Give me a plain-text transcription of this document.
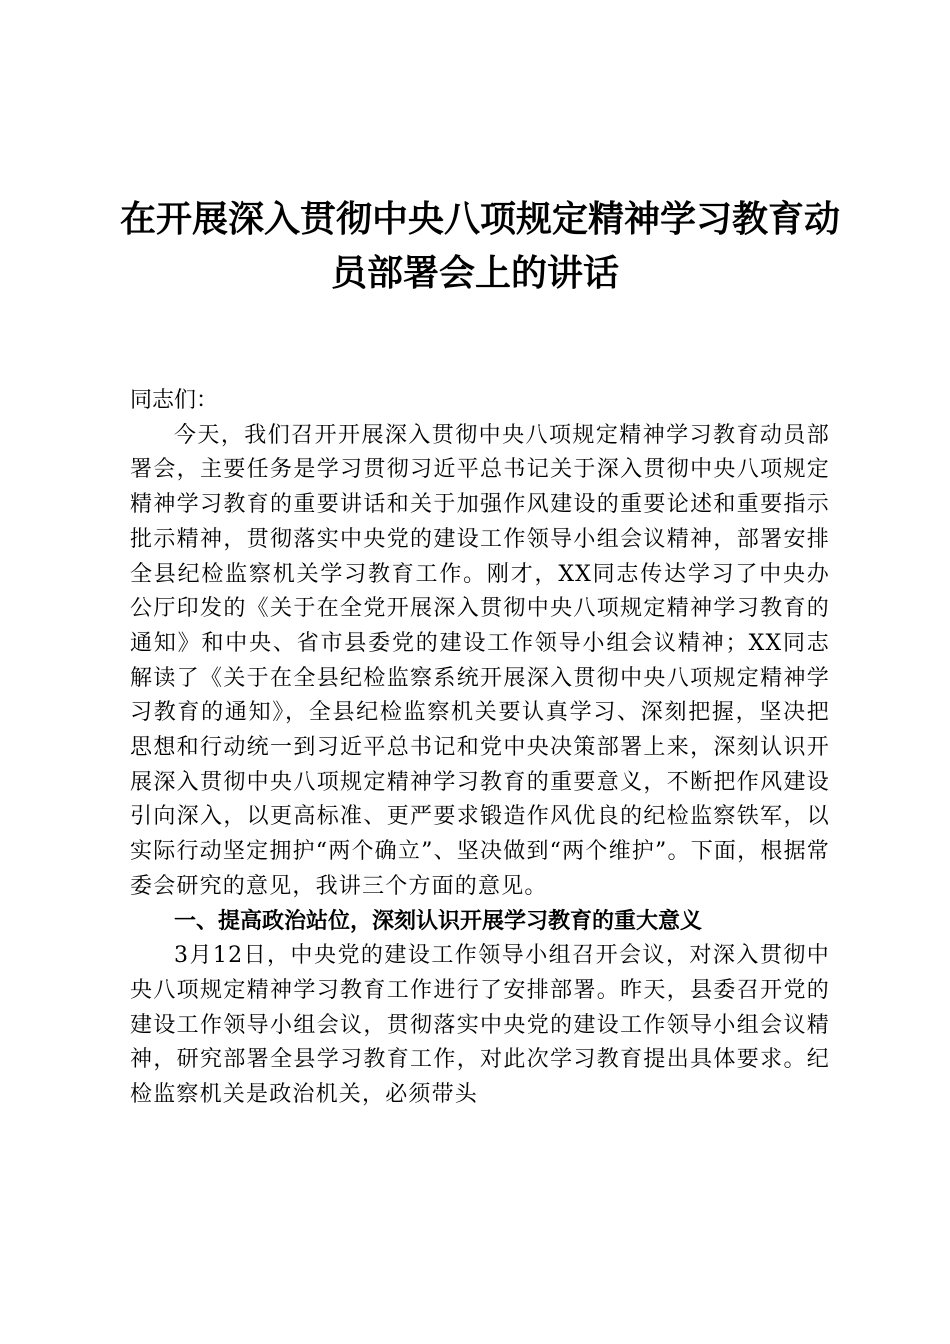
在开展深入贯彻中央八项规定精神学习教育动
员部署会上的讲话

同志们：

今天，我们召开开展深入贯彻中央八项规定精神学习教育动员部署会，主要任务是学习贯彻习近平总书记关于深入贯彻中央八项规定精神学习教育的重要讲话和关于加强作风建设的重要论述和重要指示批示精神，贯彻落实中央党的建设工作领导小组会议精神，部署安排全县纪检监察机关学习教育工作。刚才，XX同志传达学习了中央办公厅印发的《关于在全党开展深入贯彻中央八项规定精神学习教育的通知》和中央、省市县委党的建设工作领导小组会议精神；XX同志解读了《关于在全县纪检监察系统开展深入贯彻中央八项规定精神学习教育的通知》，全县纪检监察机关要认真学习、深刻把握，坚决把思想和行动统一到习近平总书记和党中央决策部署上来，深刻认识开展深入贯彻中央八项规定精神学习教育的重要意义，不断把作风建设引向深入，以更高标准、更严要求锻造作风优良的纪检监察铁军，以实际行动坚定拥护“两个确立”、坚决做到“两个维护”。下面，根据常委会研究的意见，我讲三个方面的意见。

一、提高政治站位，深刻认识开展学习教育的重大意义

3月12日，中央党的建设工作领导小组召开会议，对深入贯彻中央八项规定精神学习教育工作进行了安排部署。昨天，县委召开党的建设工作领导小组会议，贯彻落实中央党的建设工作领导小组会议精神，研究部署全县学习教育工作，对此次学习教育提出具体要求。纪检监察机关是政治机关，必须带头
